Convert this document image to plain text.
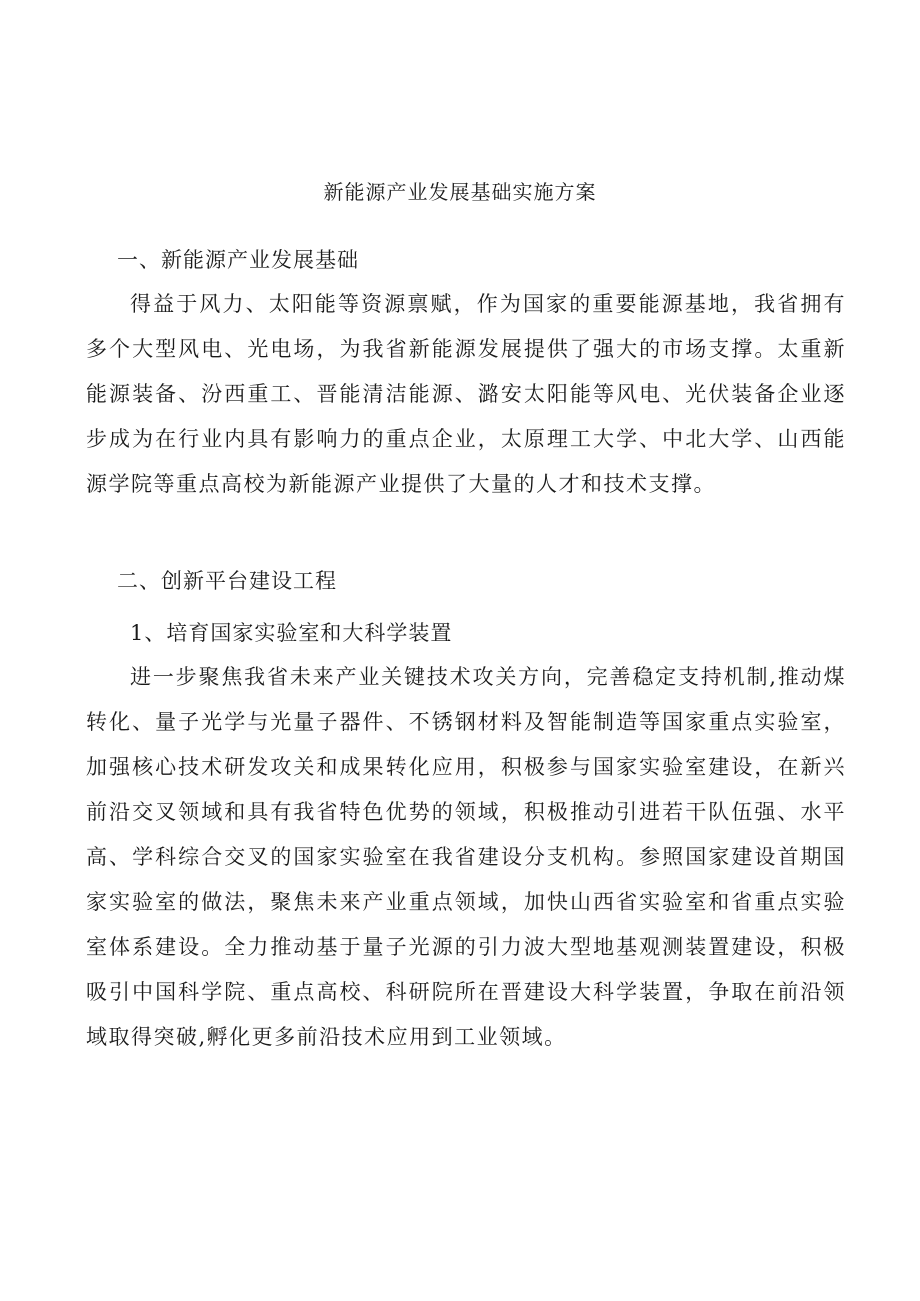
新能源产业发展基础实施方案
一、新能源产业发展基础

得益于风力、太阳能等资源禀赋，作为国家的重要能源基地，我省拥有多个大型风电、光电场，为我省新能源发展提供了强大的市场支撑。太重新能源装备、汾西重工、晋能清洁能源、潞安太阳能等风电、光伏装备企业逐步成为在行业内具有影响力的重点企业，太原理工大学、中北大学、山西能源学院等重点高校为新能源产业提供了大量的人才和技术支撑。

二、创新平台建设工程
1、培育国家实验室和大科学装置

进一步聚焦我省未来产业关键技术攻关方向，完善稳定支持机制,推动煤转化、量子光学与光量子器件、不锈钢材料及智能制造等国家重点实验室，加强核心技术研发攻关和成果转化应用，积极参与国家实验室建设，在新兴前沿交叉领域和具有我省特色优势的领域，积极推动引进若干队伍强、水平高、学科综合交叉的国家实验室在我省建设分支机构。参照国家建设首期国家实验室的做法，聚焦未来产业重点领域，加快山西省实验室和省重点实验室体系建设。全力推动基于量子光源的引力波大型地基观测装置建设，积极吸引中国科学院、重点高校、科研院所在晋建设大科学装置，争取在前沿领域取得突破,孵化更多前沿技术应用到工业领域。
